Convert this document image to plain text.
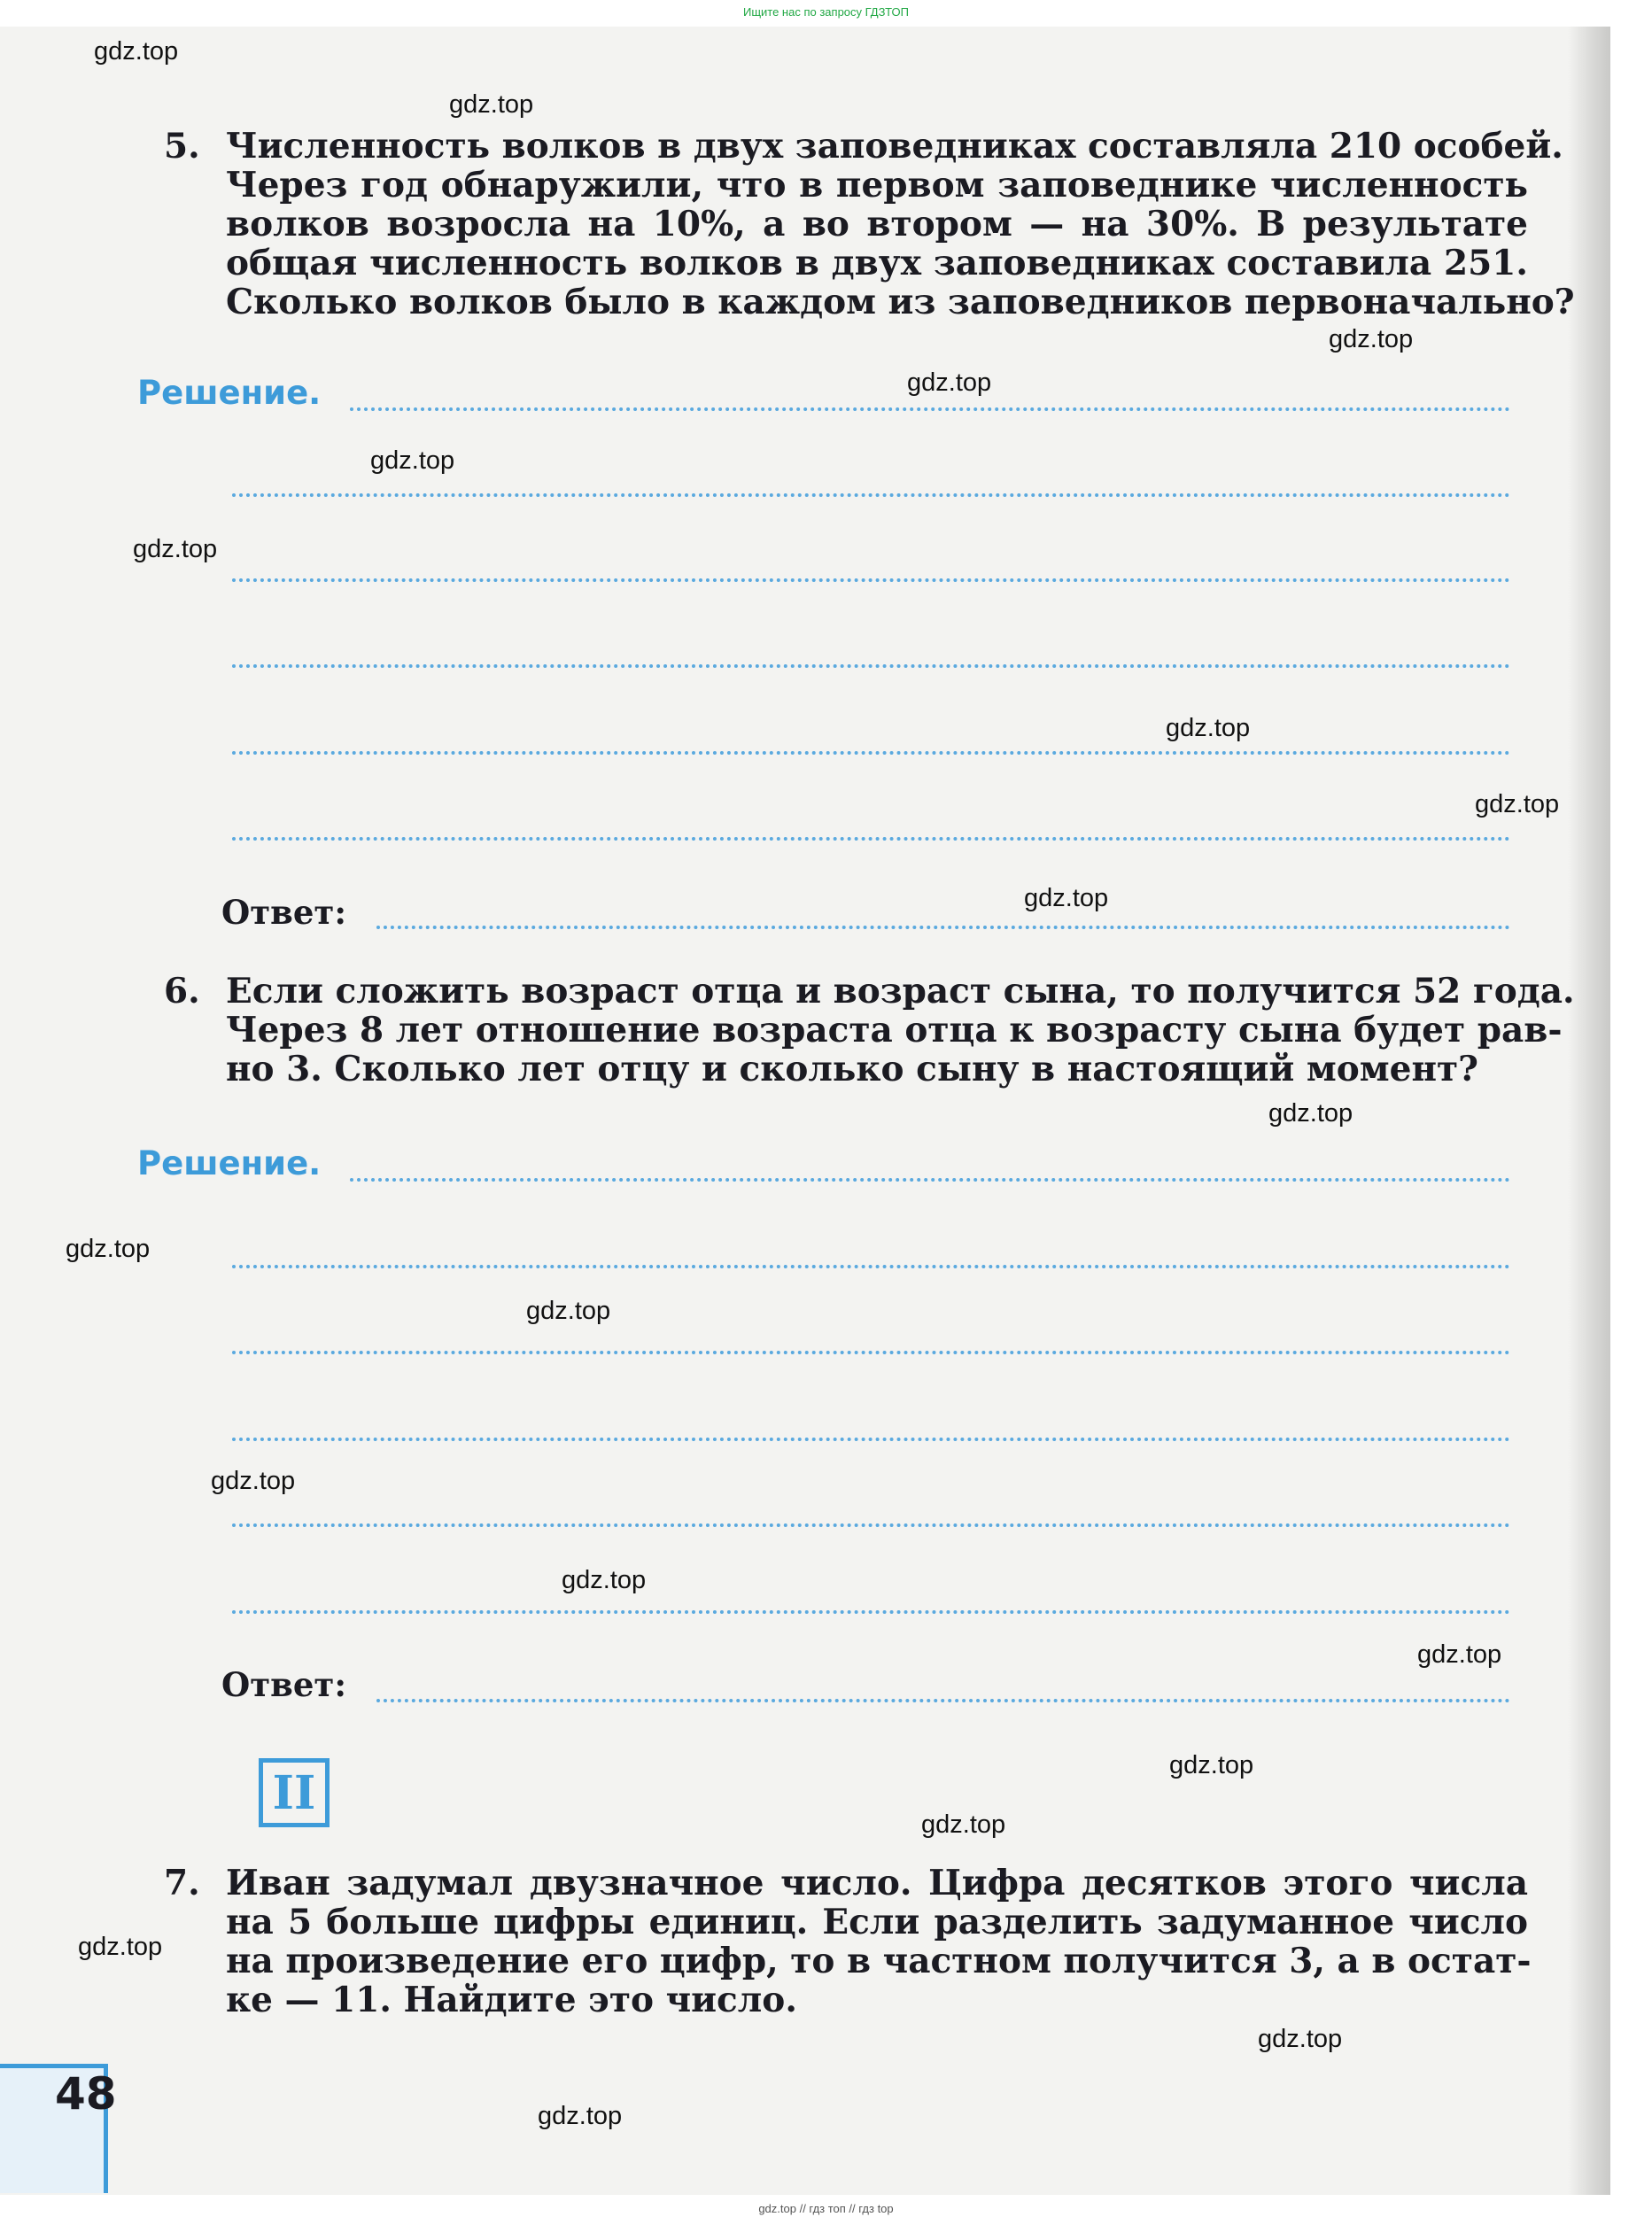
Ищите нас по запросу ГДЗТОП
5. Численность волков в двух заповедниках составляла 210 особей.
Через год обнаружили, что в первом заповеднике численность
волков возросла на 10%, а во втором — на 30%. В результате
общая численность волков в двух заповедниках составила 251.
Сколько волков было в каждом из заповедников первоначально?
Решение.
Ответ:
6. Если сложить возраст отца и возраст сына, то получится 52 года.
Через 8 лет отношение возраста отца к возрасту сына будет рав-
но 3. Сколько лет отцу и сколько сыну в настоящий момент?
Решение.
Ответ:
II
7. Иван задумал двузначное число. Цифра десятков этого числа
на 5 больше цифры единиц. Если разделить задуманное число
на произведение его цифр, то в частном получится 3, а в остат-
ке — 11. Найдите это число.
48
gdz.top
gdz.top
gdz.top
gdz.top
gdz.top
gdz.top
gdz.top
gdz.top
gdz.top
gdz.top
gdz.top
gdz.top
gdz.top
gdz.top
gdz.top
gdz.top
gdz.top
gdz.top
gdz.top
gdz.top
gdz.top // гдз топ // гдз top
